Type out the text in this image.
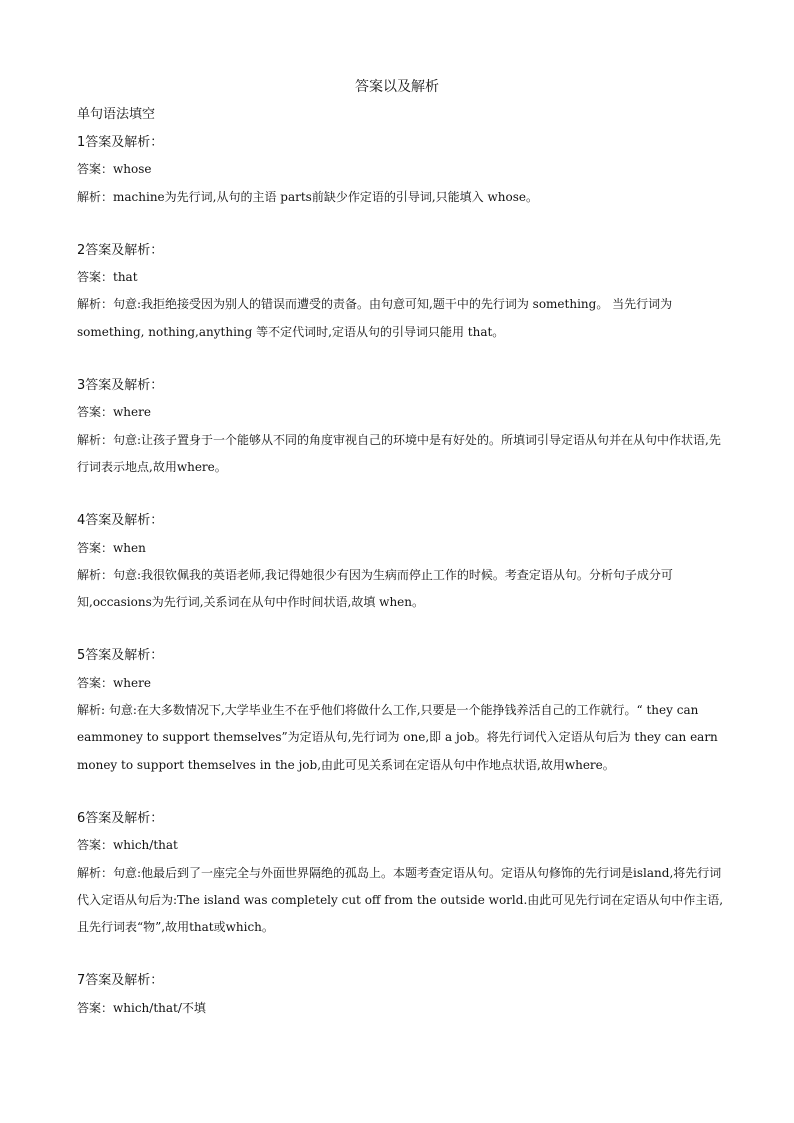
答案以及解析
单句语法填空
1答案及解析：
答案：whose
解析：machine为先行词,从句的主语 parts前缺少作定语的引导词,只能填入 whose。
2答案及解析：
答案：that
解析：句意:我拒绝接受因为别人的错误而遭受的责备。由句意可知,题干中的先行词为 something。 当先行词为 something, nothing,anything 等不定代词时,定语从句的引导词只能用 that。
3答案及解析：
答案：where
解析：句意:让孩子置身于一个能够从不同的角度审视自己的环境中是有好处的。所填词引导定语从句并在从句中作状语,先行词表示地点,故用where。
4答案及解析：
答案：when
解析：句意:我很钦佩我的英语老师,我记得她很少有因为生病而停止工作的时候。考查定语从句。分析句子成分可知,occasions为先行词,关系词在从句中作时间状语,故填 when。
5答案及解析：
答案：where
解析: 句意:在大多数情况下,大学毕业生不在乎他们将做什么工作,只要是一个能挣钱养活自己的工作就行。“ they can eammoney to support themselves”为定语从句,先行词为 one,即 a job。将先行词代入定语从句后为 they can earn money to support themselves in the job,由此可见关系词在定语从句中作地点状语,故用where。
6答案及解析：
答案：which/that
解析：句意:他最后到了一座完全与外面世界隔绝的孤岛上。本题考查定语从句。定语从句修饰的先行词是island,将先行词代入定语从句后为:The island was completely cut off from the outside world.由此可见先行词在定语从句中作主语,且先行词表“物”,故用that或which。
7答案及解析：
答案：which/that/不填
